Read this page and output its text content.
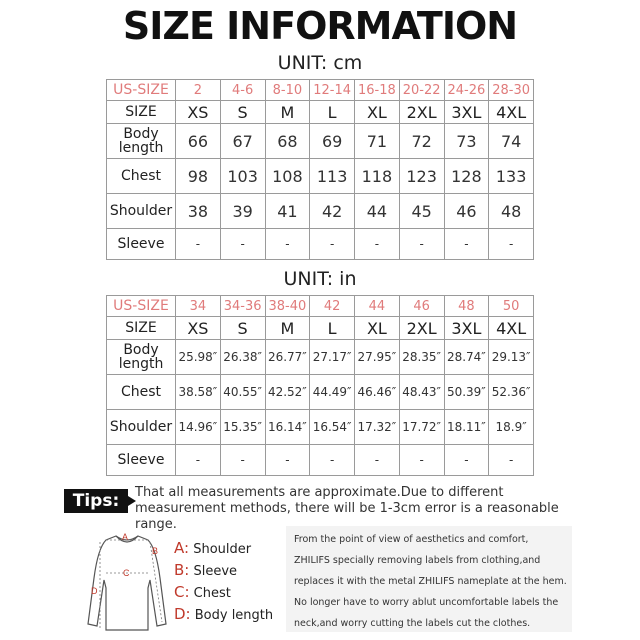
SIZE INFORMATION
UNIT: cm
US-SIZE	2	4-6	8-10	12-14	16-18	20-22	24-26	28-30
SIZE	XS	S	M	L	XL	2XL	3XL	4XL
Body length	66	67	68	69	71	72	73	74
Chest	98	103	108	113	118	123	128	133
Shoulder	38	39	41	42	44	45	46	48
Sleeve	-	-	-	-	-	-	-	-
UNIT: in
US-SIZE	34	34-36	38-40	42	44	46	48	50
SIZE	XS	S	M	L	XL	2XL	3XL	4XL
Body length	25.98″	26.38″	26.77″	27.17″	27.95″	28.35″	28.74″	29.13″
Chest	38.58″	40.55″	42.52″	44.49″	46.46″	48.43″	50.39″	52.36″
Shoulder	14.96″	15.35″	16.14″	16.54″	17.32″	17.72″	18.11″	18.9″
Sleeve	-	-	-	-	-	-	-	-
Tips:	That all measurements are approximate.Due to different measurement methods, there will be 1-3cm error is a reasonable range.
A
B
C
D
A: Shoulder
B: Sleeve
C: Chest
D: Body length
From the point of view of aesthetics and comfort,
ZHILIFS specially removing labels from clothing,and
replaces it with the metal ZHILIFS nameplate at the hem.
No longer have to worry ablut uncomfortable labels the
neck,and worry cutting the labels cut the clothes.
